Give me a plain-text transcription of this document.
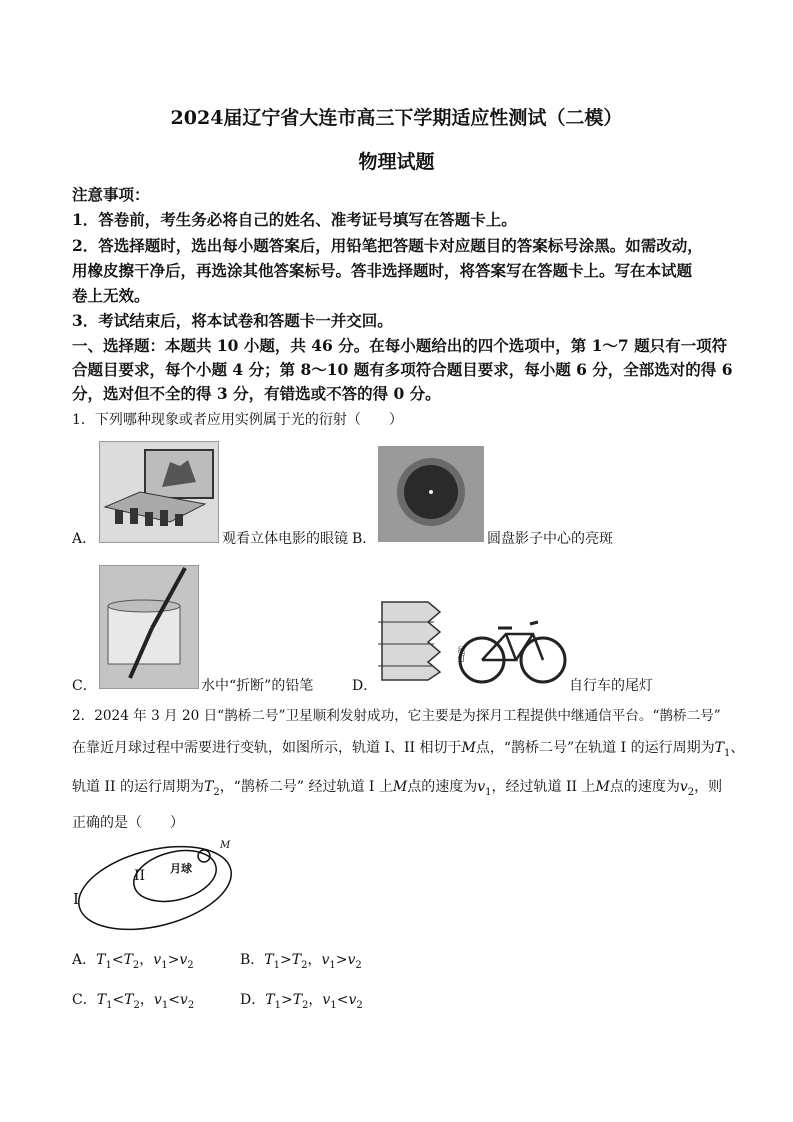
2024届辽宁省大连市高三下学期适应性测试（二模）
物理试题
注意事项：
1．答卷前，考生务必将自己的姓名、准考证号填写在答题卡上。
2．答选择题时，选出每小题答案后，用铅笔把答题卡对应题目的答案标号涂黑。如需改动，
用橡皮擦干净后，再选涂其他答案标号。答非选择题时，将答案写在答题卡上。写在本试题
卷上无效。
3．考试结束后，将本试卷和答题卡一并交回。
一、选择题：本题共 10 小题，共 46 分。在每小题给出的四个选项中，第 1～7 题只有一项符
合题目要求，每个小题 4 分；第 8～10 题有多项符合题目要求，每小题 6 分，全部选对的得 6
分，选对但不全的得 3 分，有错选或不答的得 0 分。
1．下列哪种现象或者应用实例属于光的衍射（　　）
A．	观看立体电影的眼镜 B．	圆盘影子中心的亮斑
C．	水中“折断”的铅笔	D．
尾灯
自行车的尾灯
2．2024 年 3 月 20 日“鹊桥二号”卫星顺利发射成功，它主要是为探月工程提供中继通信平台。“鹊桥二号”
在靠近月球过程中需要进行变轨，如图所示，轨道 I、II 相切于M点，“鹊桥二号”在轨道 I 的运行周期为$T_1$、
轨道 II 的运行周期为$T_2$，“鹊桥二号” 经过轨道 I 上M点的速度为$v_1$，经过轨道 II 上M点的速度为$v_2$，则
正确的是（　　）
月球
I
II
M
A．$T_1<T_2$，$v_1>v_2$	B．$T_1>T_2$，$v_1>v_2$
C．$T_1<T_2$，$v_1<v_2$	D．$T_1>T_2$，$v_1<v_2$
